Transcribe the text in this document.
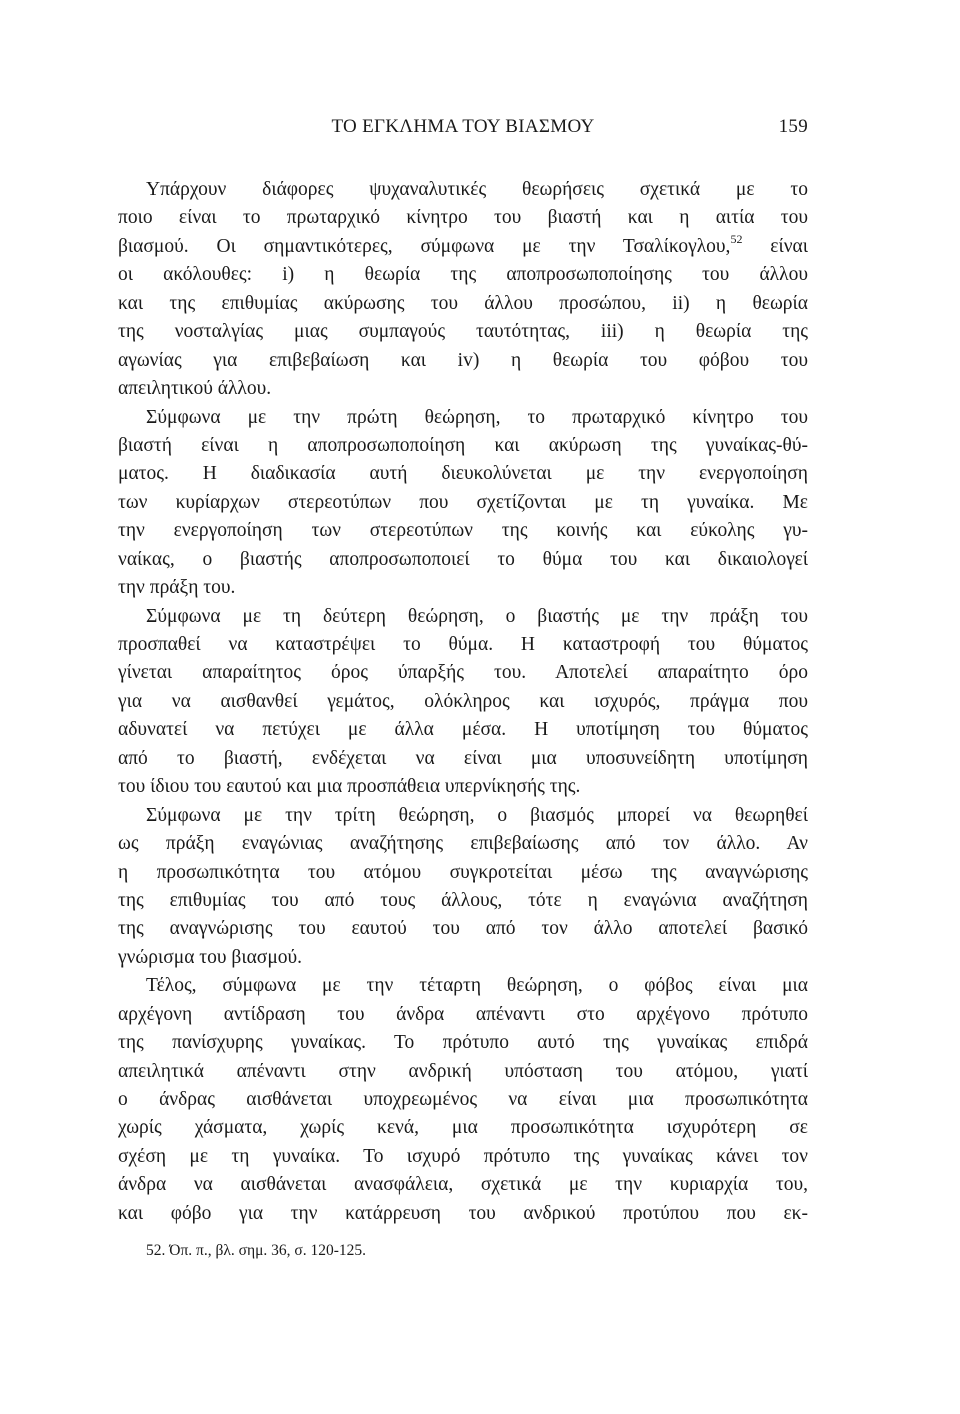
ΤΟ ΕΓΚΛΗΜΑ ΤΟΥ ΒΙΑΣΜΟΥ	159
Υπάρχουν διάφορες ψυχαναλυτικές θεωρήσεις σχετικά με το
ποιο είναι το πρωταρχικό κίνητρο του βιαστή και η αιτία του
βιασμού. Οι σημαντικότερες, σύμφωνα με την Τσαλίκογλου,$^{52}$ είναι
οι ακόλουθες: i) η θεωρία της αποπροσωποποίησης του άλλου
και της επιθυμίας ακύρωσης του άλλου προσώπου, ii) η θεωρία
της νοσταλγίας μιας συμπαγούς ταυτότητας, iii) η θεωρία της
αγωνίας για επιβεβαίωση και iv) η θεωρία του φόβου του
απειλητικού άλλου.
Σύμφωνα με την πρώτη θεώρηση, το πρωταρχικό κίνητρο του
βιαστή είναι η αποπροσωποποίηση και ακύρωση της γυναίκας-θύ-
ματος. Η διαδικασία αυτή διευκολύνεται με την ενεργοποίηση
των κυρίαρχων στερεοτύπων που σχετίζονται με τη γυναίκα. Με
την ενεργοποίηση των στερεοτύπων της κοινής και εύκολης γυ-
ναίκας, ο βιαστής αποπροσωποποιεί το θύμα του και δικαιολογεί
την πράξη του.
Σύμφωνα με τη δεύτερη θεώρηση, ο βιαστής με την πράξη του
προσπαθεί να καταστρέψει το θύμα. Η καταστροφή του θύματος
γίνεται απαραίτητος όρος ύπαρξής του. Αποτελεί απαραίτητο όρο
για να αισθανθεί γεμάτος, ολόκληρος και ισχυρός, πράγμα που
αδυνατεί να πετύχει με άλλα μέσα. Η υποτίμηση του θύματος
από το βιαστή, ενδέχεται να είναι μια υποσυνείδητη υποτίμηση
του ίδιου του εαυτού και μια προσπάθεια υπερνίκησής της.
Σύμφωνα με την τρίτη θεώρηση, ο βιασμός μπορεί να θεωρηθεί
ως πράξη εναγώνιας αναζήτησης επιβεβαίωσης από τον άλλο. Αν
η προσωπικότητα του ατόμου συγκροτείται μέσω της αναγνώρισης
της επιθυμίας του από τους άλλους, τότε η εναγώνια αναζήτηση
της αναγνώρισης του εαυτού του από τον άλλο αποτελεί βασικό
γνώρισμα του βιασμού.
Τέλος, σύμφωνα με την τέταρτη θεώρηση, ο φόβος είναι μια
αρχέγονη αντίδραση του άνδρα απέναντι στο αρχέγονο πρότυπο
της πανίσχυρης γυναίκας. Το πρότυπο αυτό της γυναίκας επιδρά
απειλητικά απέναντι στην ανδρική υπόσταση του ατόμου, γιατί
ο άνδρας αισθάνεται υποχρεωμένος να είναι μια προσωπικότητα
χωρίς χάσματα, χωρίς κενά, μια προσωπικότητα ισχυρότερη σε
σχέση με τη γυναίκα. Το ισχυρό πρότυπο της γυναίκας κάνει τον
άνδρα να αισθάνεται ανασφάλεια, σχετικά με την κυριαρχία του,
και φόβο για την κατάρρευση του ανδρικού προτύπου που εκ-
52. Όπ. π., βλ. σημ. 36, σ. 120-125.
